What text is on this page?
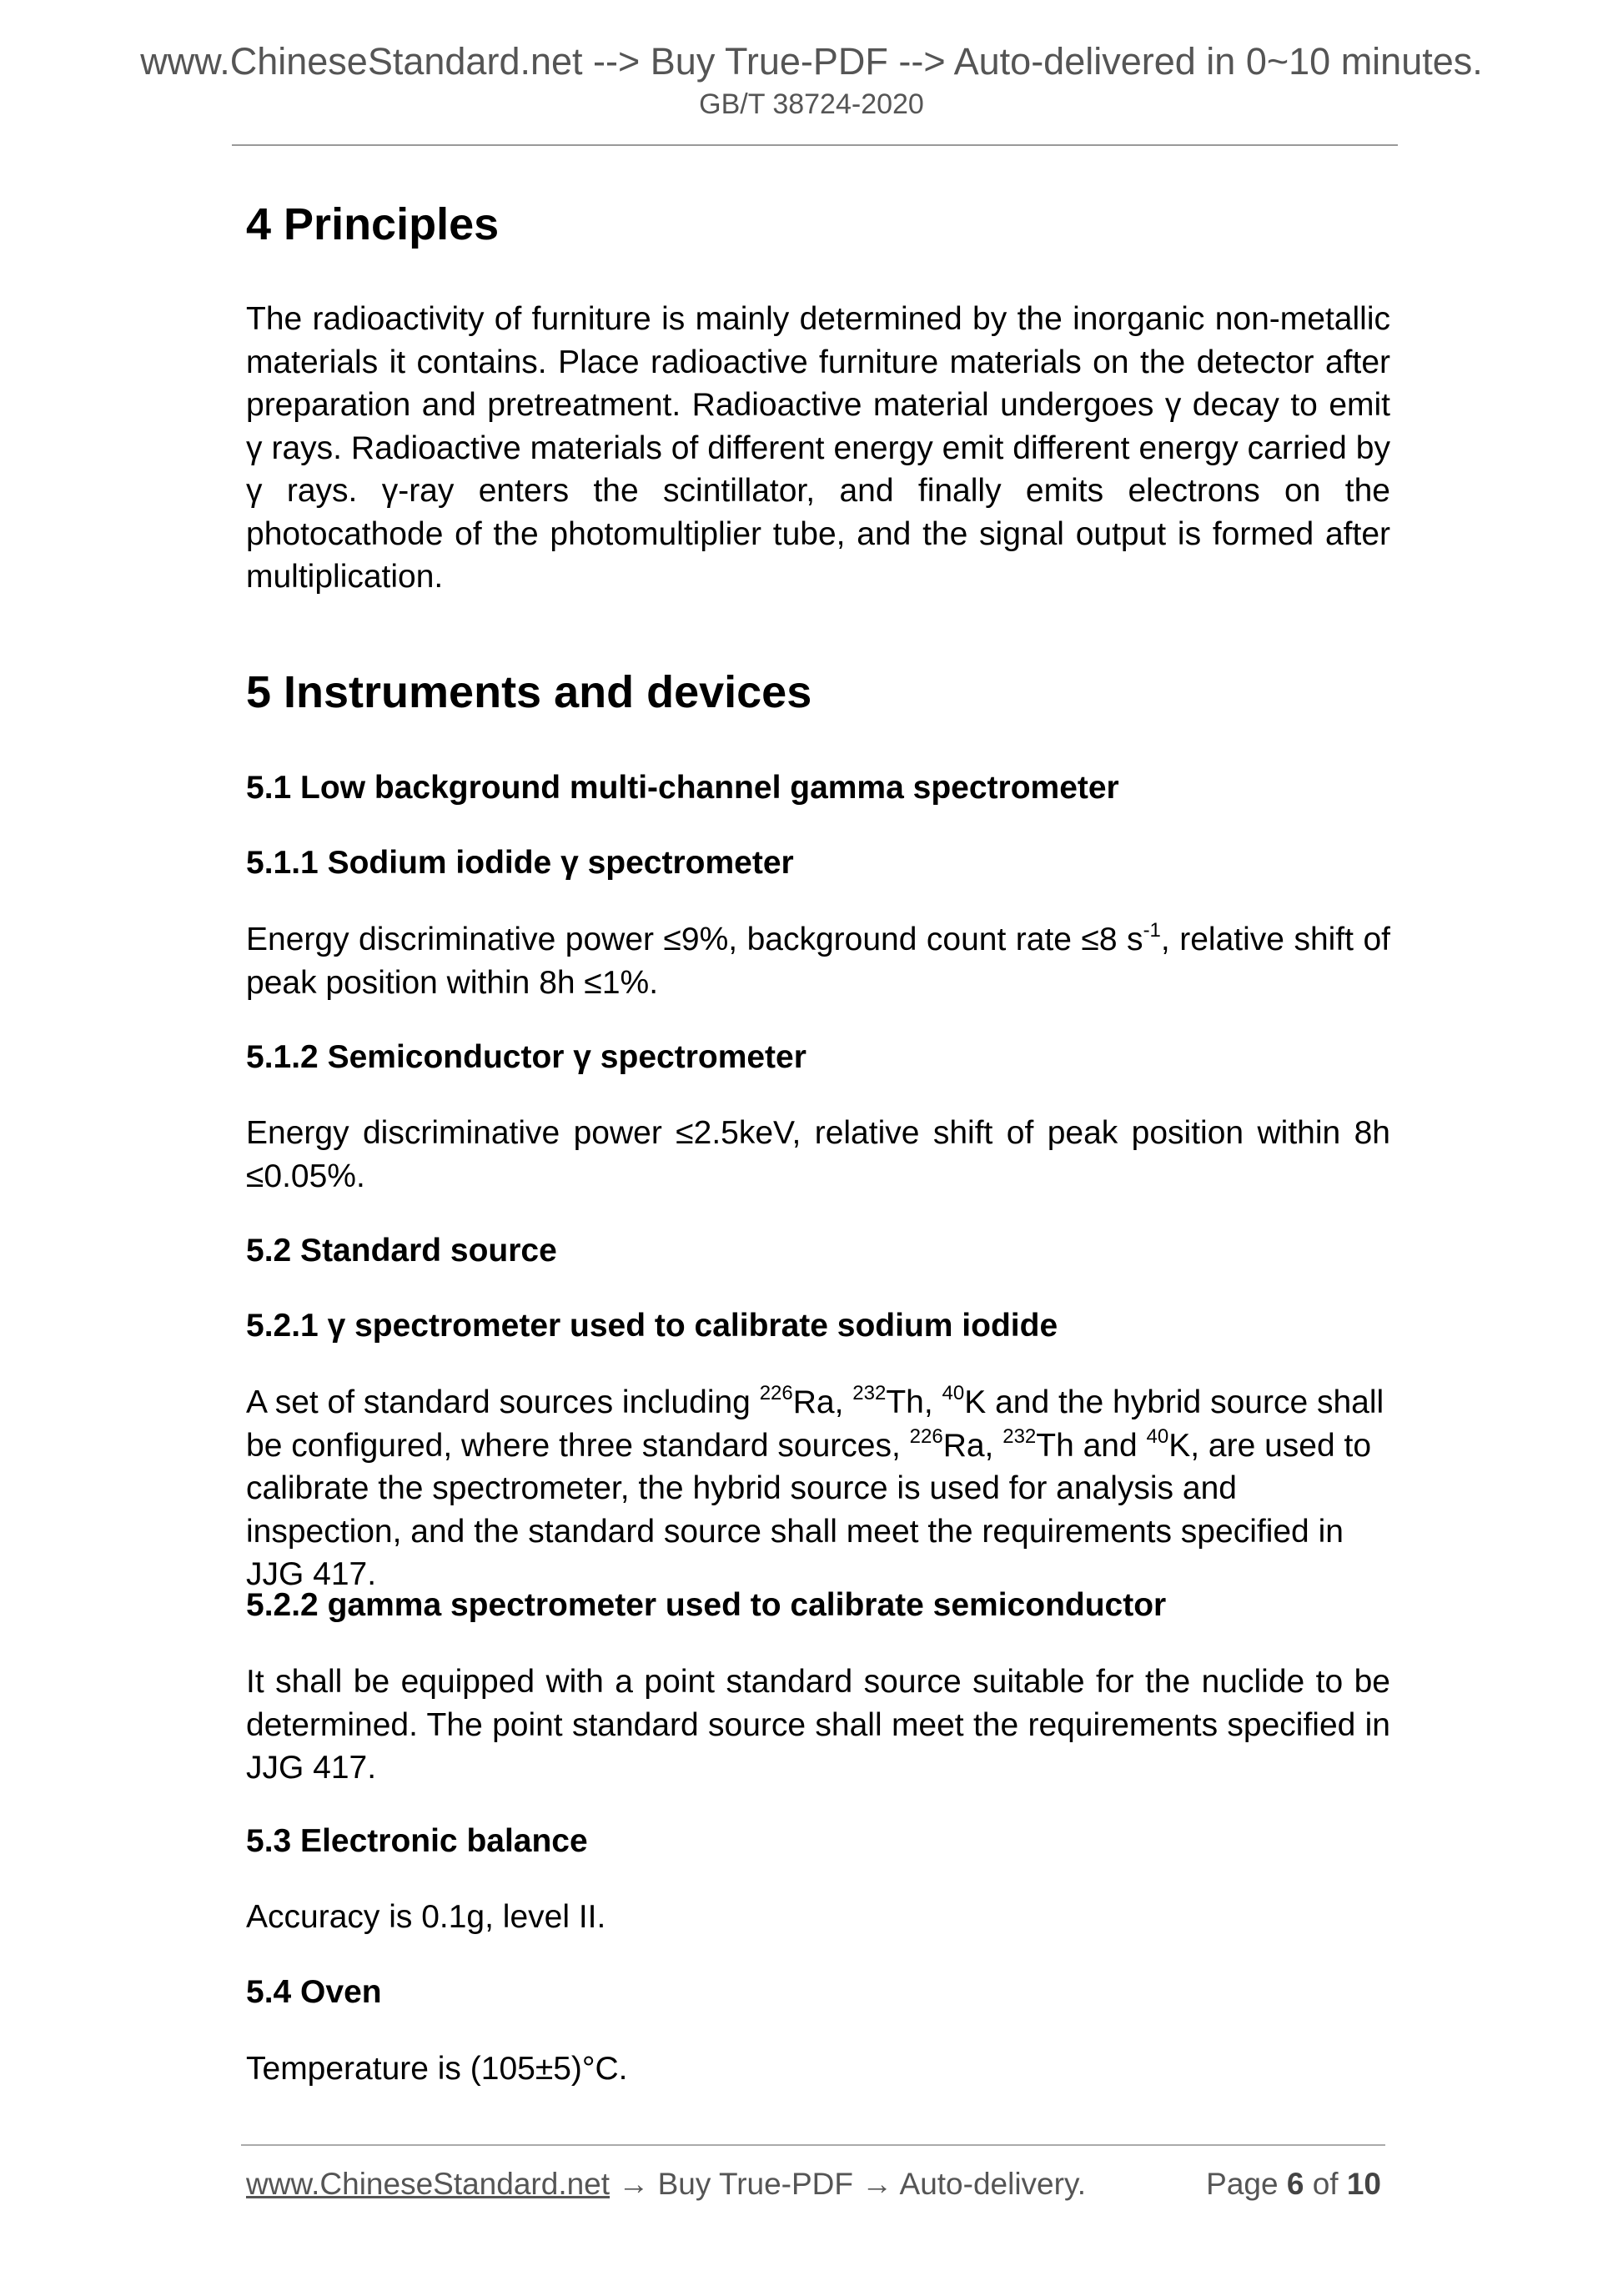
www.ChineseStandard.net --> Buy True-PDF --> Auto-delivered in 0~10 minutes.
GB/T 38724-2020
4 Principles
The radioactivity of furniture is mainly determined by the inorganic non-metallic materials it contains. Place radioactive furniture materials on the detector after preparation and pretreatment. Radioactive material undergoes γ decay to emit γ rays. Radioactive materials of different energy emit different energy carried by γ rays. γ-ray enters the scintillator, and finally emits electrons on the photocathode of the photomultiplier tube, and the signal output is formed after multiplication.
5 Instruments and devices
5.1 Low background multi-channel gamma spectrometer
5.1.1 Sodium iodide γ spectrometer
Energy discriminative power ≤9%, background count rate ≤8 $s^{-1}$, relative shift of peak position within 8h ≤1%.
5.1.2 Semiconductor γ spectrometer
Energy discriminative power ≤2.5keV, relative shift of peak position within 8h ≤0.05%.
5.2 Standard source
5.2.1 γ spectrometer used to calibrate sodium iodide
A set of standard sources including $^{226}$Ra, $^{232}$Th, $^{40}$K and the hybrid source shall be configured, where three standard sources, $^{226}$Ra, $^{232}$Th and $^{40}$K, are used to calibrate the spectrometer, the hybrid source is used for analysis and inspection, and the standard source shall meet the requirements specified in JJG 417.
5.2.2 gamma spectrometer used to calibrate semiconductor
It shall be equipped with a point standard source suitable for the nuclide to be determined. The point standard source shall meet the requirements specified in JJG 417.
5.3 Electronic balance
Accuracy is 0.1g, level II.
5.4 Oven
Temperature is (105±5)°C.
www.ChineseStandard.net → Buy True-PDF → Auto-delivery.	Page 6 of 10
